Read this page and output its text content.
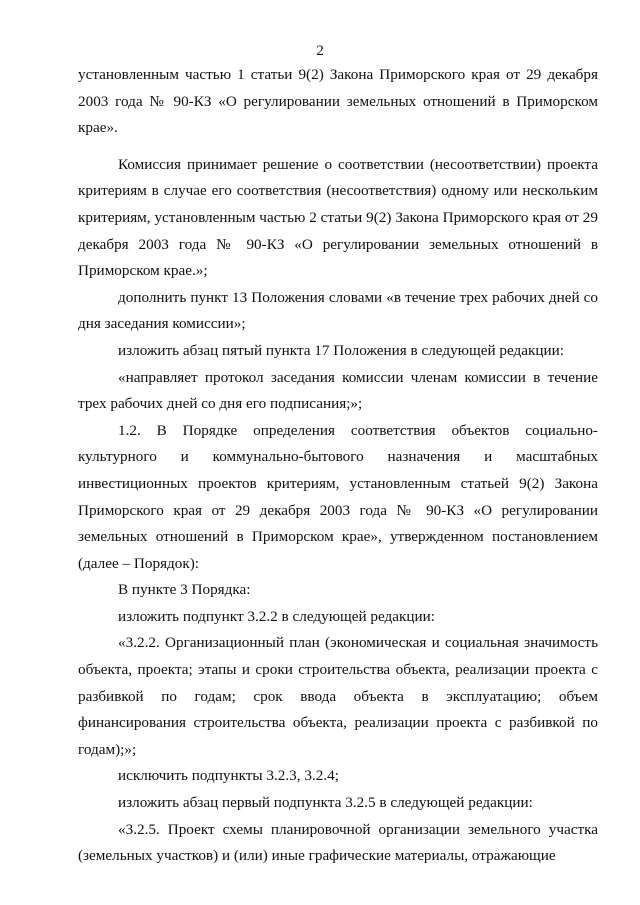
2

установленным частью 1 статьи 9(2) Закона Приморского края от 29 декабря 2003 года № 90-КЗ «О регулировании земельных отношений в Приморском крае».

Комиссия принимает решение о соответствии (несоответствии) проекта критериям в случае его соответствия (несоответствия) одному или нескольким критериям, установленным частью 2 статьи 9(2) Закона Приморского края от 29 декабря 2003 года № 90-КЗ «О регулировании земельных отношений в Приморском крае.»;

дополнить пункт 13 Положения словами «в течение трех рабочих дней со дня заседания комиссии»;

изложить абзац пятый пункта 17 Положения в следующей редакции:

«направляет протокол заседания комиссии членам комиссии в течение трех рабочих дней со дня его подписания;»;

1.2. В Порядке определения соответствия объектов социально-культурного и коммунально-бытового назначения и масштабных инвестиционных проектов критериям, установленным статьей 9(2) Закона Приморского края от 29 декабря 2003 года № 90-КЗ «О регулировании земельных отношений в Приморском крае», утвержденном постановлением (далее – Порядок):

В пункте 3 Порядка:

изложить подпункт 3.2.2 в следующей редакции:

«3.2.2. Организационный план (экономическая и социальная значимость объекта, проекта; этапы и сроки строительства объекта, реализации проекта с разбивкой по годам; срок ввода объекта в эксплуатацию; объем финансирования строительства объекта, реализации проекта с разбивкой по годам);»;

исключить подпункты 3.2.3, 3.2.4;

изложить абзац первый подпункта 3.2.5 в следующей редакции:

«3.2.5. Проект схемы планировочной организации земельного участка (земельных участков) и (или) иные графические материалы, отражающие
